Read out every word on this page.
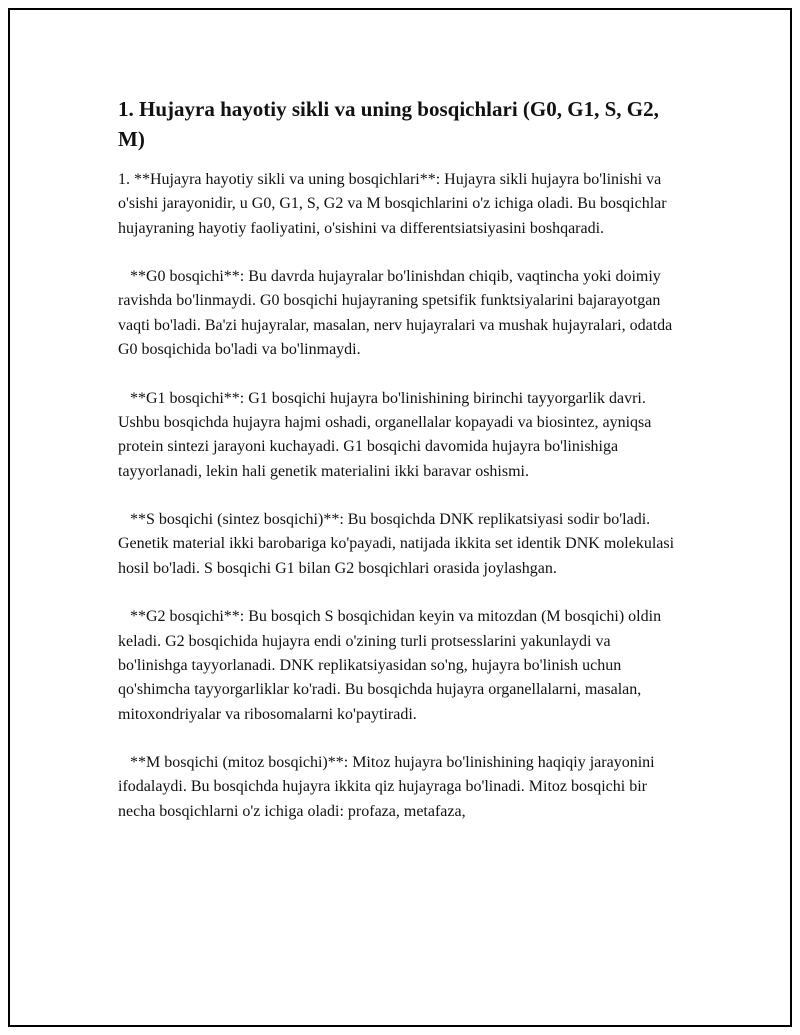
1. Hujayra hayotiy sikli va uning bosqichlari (G0, G1, S, G2, M)

1. **Hujayra hayotiy sikli va uning bosqichlari**: Hujayra sikli hujayra bo'linishi va o'sishi jarayonidir, u G0, G1, S, G2 va M bosqichlarini o'z ichiga oladi. Bu bosqichlar hujayraning hayotiy faoliyatini, o'sishini va differentsiatsiyasini boshqaradi.

**G0 bosqichi**: Bu davrda hujayralar bo'linishdan chiqib, vaqtincha yoki doimiy ravishda bo'linmaydi. G0 bosqichi hujayraning spetsifik funktsiyalarini bajarayotgan vaqti bo'ladi. Ba'zi hujayralar, masalan, nerv hujayralari va mushak hujayralari, odatda G0 bosqichida bo'ladi va bo'linmaydi.

**G1 bosqichi**: G1 bosqichi hujayra bo'linishining birinchi tayyorgarlik davri. Ushbu bosqichda hujayra hajmi oshadi, organellalar kopayadi va biosintez, ayniqsa protein sintezi jarayoni kuchayadi. G1 bosqichi davomida hujayra bo'linishiga tayyorlanadi, lekin hali genetik materialini ikki baravar oshismi.

**S bosqichi (sintez bosqichi)**: Bu bosqichda DNK replikatsiyasi sodir bo'ladi. Genetik material ikki barobariga ko'payadi, natijada ikkita set identik DNK molekulasi hosil bo'ladi. S bosqichi G1 bilan G2 bosqichlari orasida joylashgan.

**G2 bosqichi**: Bu bosqich S bosqichidan keyin va mitozdan (M bosqichi) oldin keladi. G2 bosqichida hujayra endi o'zining turli protsesslarini yakunlaydi va bo'linishga tayyorlanadi. DNK replikatsiyasidan so'ng, hujayra bo'linish uchun qo'shimcha tayyorgarliklar ko'radi. Bu bosqichda hujayra organellalarni, masalan, mitoxondriyalar va ribosomalarni ko'paytiradi.

**M bosqichi (mitoz bosqichi)**: Mitoz hujayra bo'linishining haqiqiy jarayonini ifodalaydi. Bu bosqichda hujayra ikkita qiz hujayraga bo'linadi. Mitoz bosqichi bir necha bosqichlarni o'z ichiga oladi: profaza, metafaza,
